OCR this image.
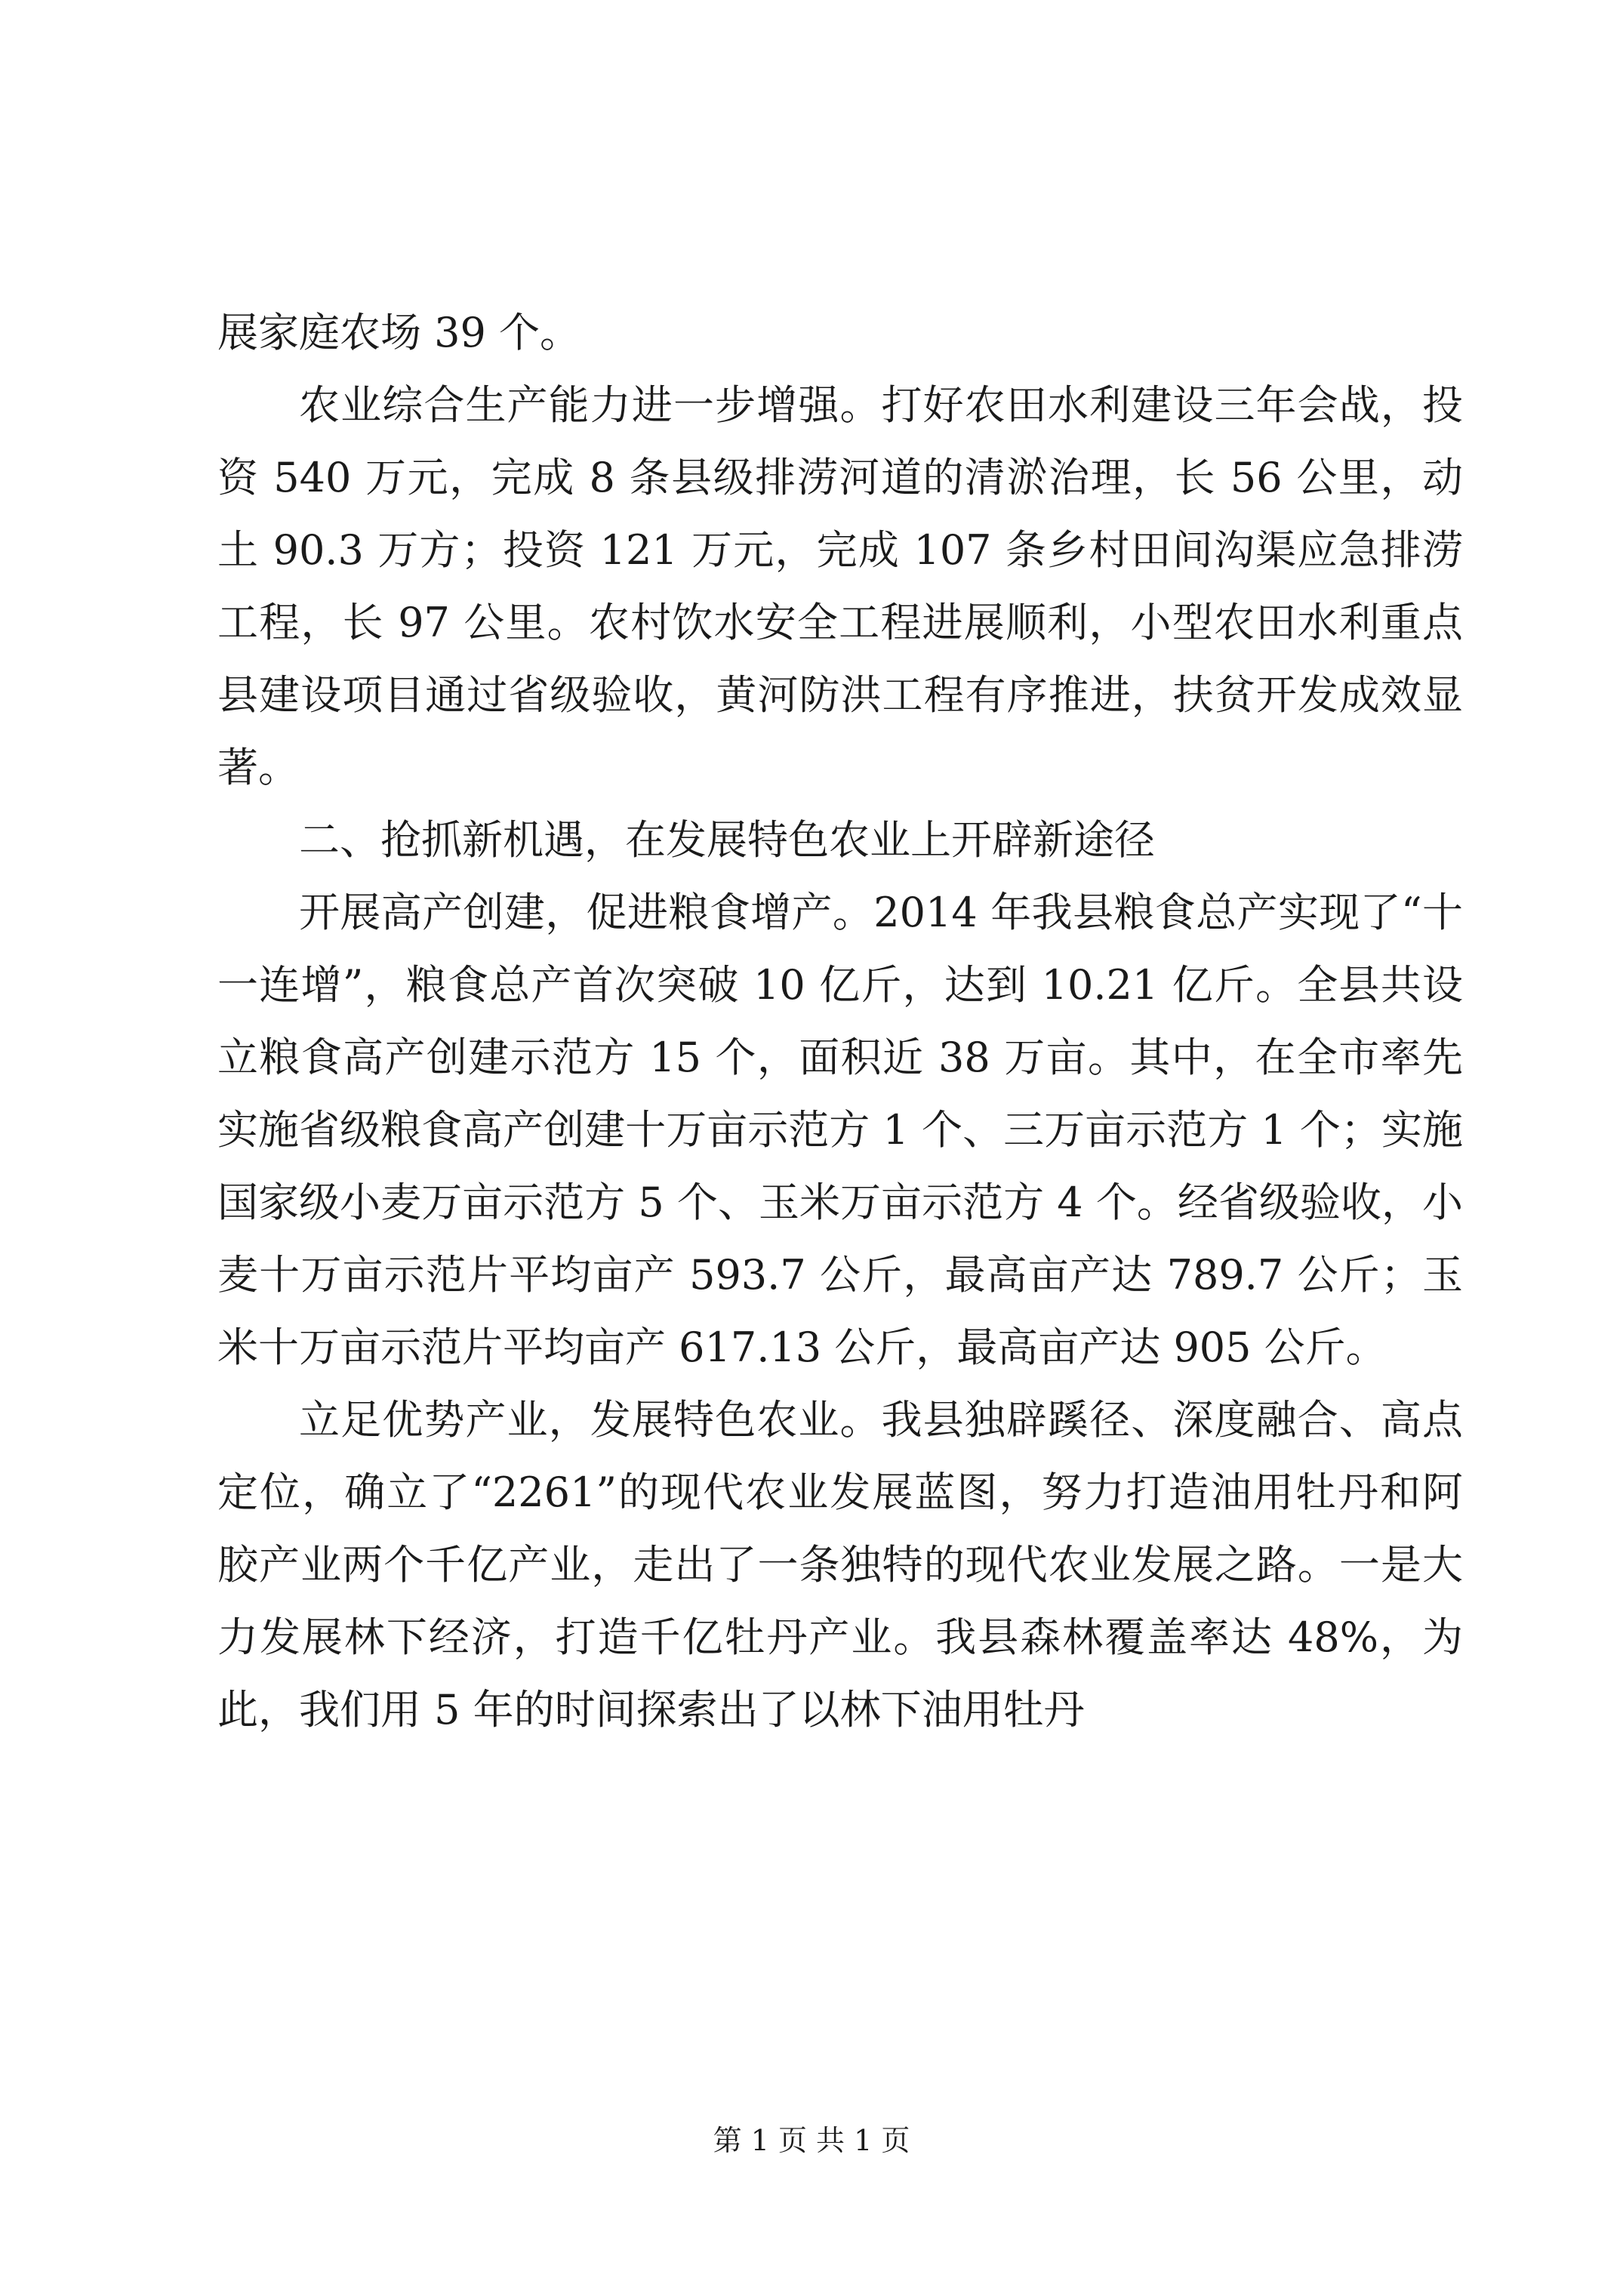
展家庭农场 39 个。

农业综合生产能力进一步增强。打好农田水利建设三年会战，投资 540 万元，完成 8 条县级排涝河道的清淤治理，长 56 公里，动土 90.3 万方；投资 121 万元，完成 107 条乡村田间沟渠应急排涝工程，长 97 公里。农村饮水安全工程进展顺利，小型农田水利重点县建设项目通过省级验收，黄河防洪工程有序推进，扶贫开发成效显著。

二、抢抓新机遇，在发展特色农业上开辟新途径

开展高产创建，促进粮食增产。2014 年我县粮食总产实现了“十一连增”，粮食总产首次突破 10 亿斤，达到 10.21 亿斤。全县共设立粮食高产创建示范方 15 个，面积近 38 万亩。其中，在全市率先实施省级粮食高产创建十万亩示范方 1 个、三万亩示范方 1 个；实施国家级小麦万亩示范方 5 个、玉米万亩示范方 4 个。经省级验收，小麦十万亩示范片平均亩产 593.7 公斤，最高亩产达 789.7 公斤；玉米十万亩示范片平均亩产 617.13 公斤，最高亩产达 905 公斤。

立足优势产业，发展特色农业。我县独辟蹊径、深度融合、高点定位，确立了“2261”的现代农业发展蓝图，努力打造油用牡丹和阿胶产业两个千亿产业，走出了一条独特的现代农业发展之路。一是大力发展林下经济，打造千亿牡丹产业。我县森林覆盖率达 48%，为此，我们用 5 年的时间探索出了以林下油用牡丹

第 1 页 共 1 页
